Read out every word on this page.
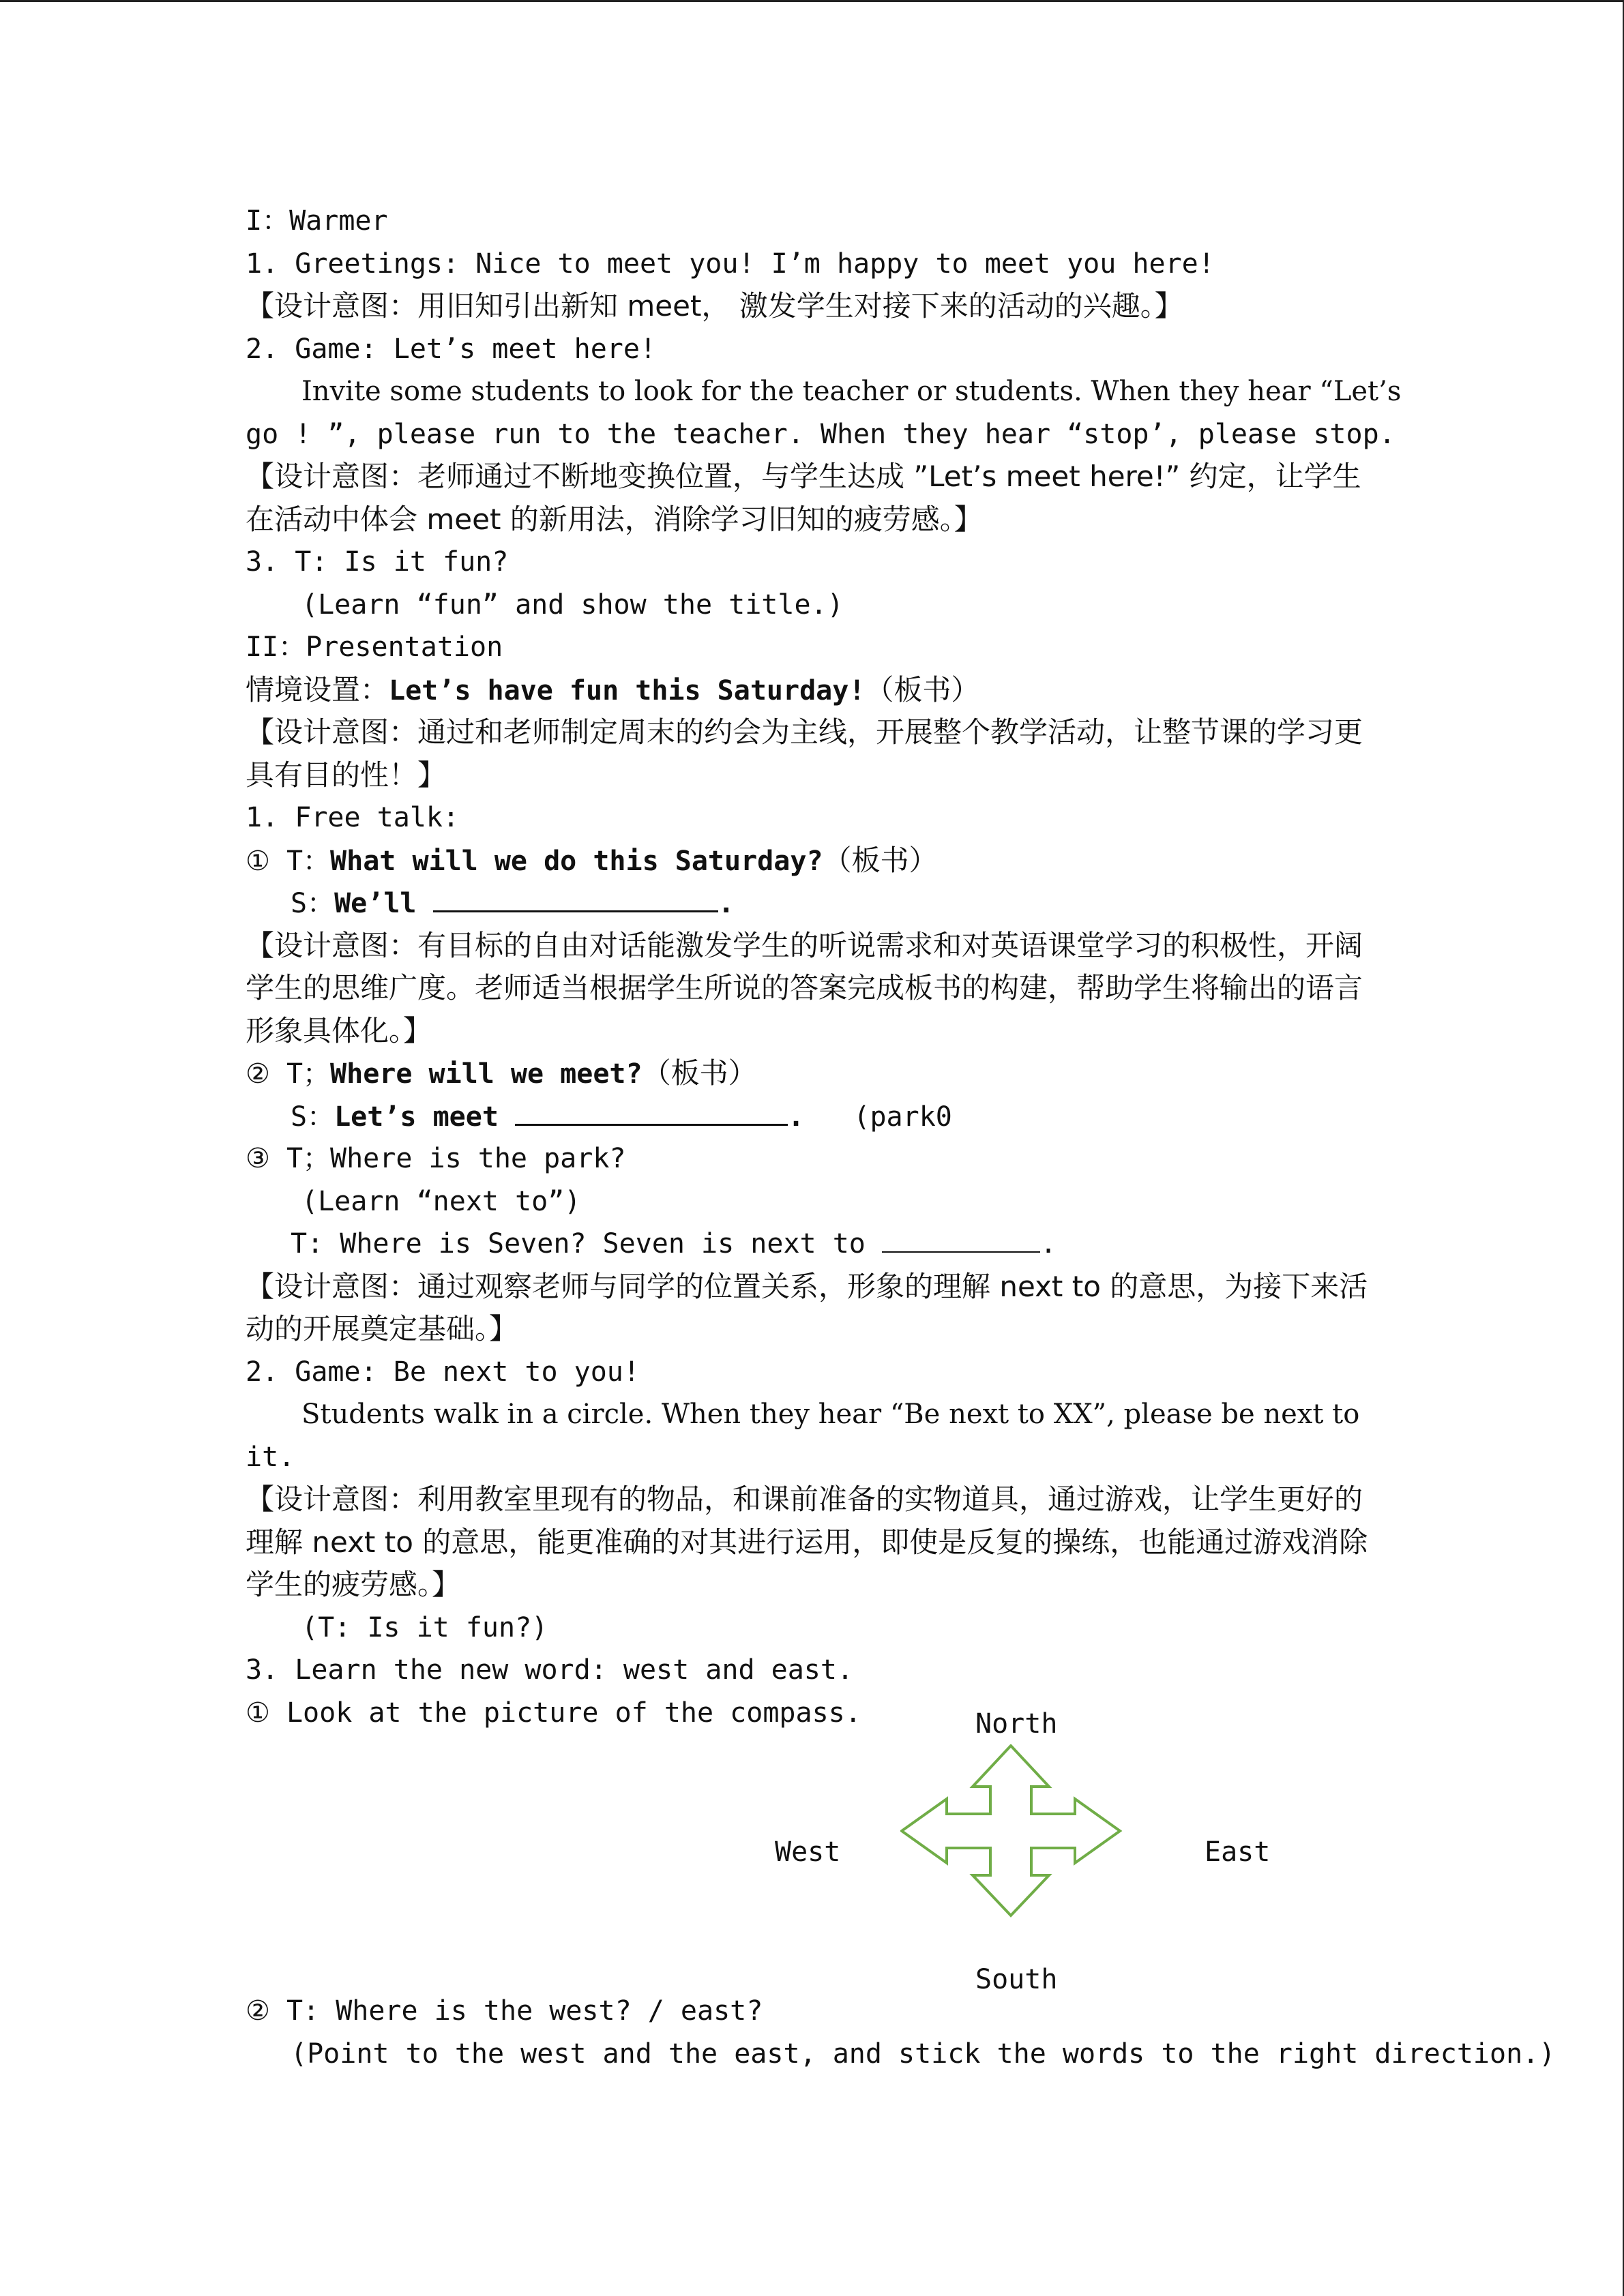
I：Warmer
1. Greetings: Nice to meet you! I’m happy to meet you here!
【设计意图：用旧知引出新知 meet， 激发学生对接下来的活动的兴趣。】
2. Game: Let’s meet here!
Invite some students to look for the teacher or students. When they hear “Let’s
go ! ”, please run to the teacher. When they hear “stop’, please stop.
【设计意图：老师通过不断地变换位置，与学生达成 ”Let’s meet here!” 约定，让学生
在活动中体会 meet 的新用法，消除学习旧知的疲劳感。】
3. T: Is it fun?
(Learn “fun” and show the title.)
II：Presentation
情境设置：Let’s have fun this Saturday!（板书）
【设计意图：通过和老师制定周末的约会为主线，开展整个教学活动，让整节课的学习更
具有目的性！】
1. Free talk:
① T：What will we do this Saturday?（板书）
S：We’ll	.
【设计意图：有目标的自由对话能激发学生的听说需求和对英语课堂学习的积极性，开阔
学生的思维广度。老师适当根据学生所说的答案完成板书的构建，帮助学生将输出的语言
形象具体化。】
② T；Where will we meet?（板书）
S：Let’s meet	. (park0
③ T；Where is the park?
(Learn “next to”)
T: Where is Seven? Seven is next to	.
【设计意图：通过观察老师与同学的位置关系，形象的理解 next to 的意思，为接下来活
动的开展奠定基础。】
2. Game: Be next to you!
Students walk in a circle. When they hear “Be next to XX”, please be next to
it.
【设计意图：利用教室里现有的物品，和课前准备的实物道具，通过游戏，让学生更好的
理解 next to 的意思，能更准确的对其进行运用，即使是反复的操练，也能通过游戏消除
学生的疲劳感。】
(T: Is it fun?)
3. Learn the new word: west and east.
① Look at the picture of the compass.	North
West	East
South
② T: Where is the west? / east?
(Point to the west and the east, and stick the words to the right direction.)
